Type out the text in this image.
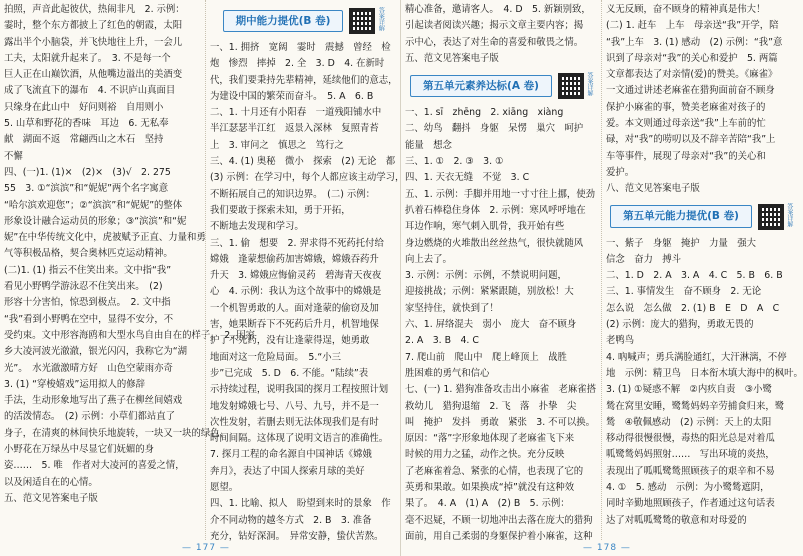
拍照，声音此起彼伏，热闹非凡　2. 示例：
霎时，整个东方都披上了红色的朝霞，太阳
露出半个小脑袋，并飞快地往上升，一会儿
工夫，太阳就升起来了。　3. 不是每一个
巨人正在山巅饮酒，从他嘴边溢出的美酒变
成了飞流直下的瀑布　4. 不识庐山真面目
只缘身在此山中　好问则裕　自用则小
5. 山草和野花的香味　耳边　6. 无私奉
献　湖面不返　常翩西山之木石　坚持
不懈
四、(一)1. (1)×　(2)×　(3)√　2. 275
55　3. ①“滨滨”和“妮妮”两个名字寓意
“哈尔滨欢迎您”；②“滨滨”和“妮妮”的整体
形象设计融合运动员的形象；③“滨滨”和“妮
妮”在中华传统文化中，虎被赋予正直、力量和勇
气等积极品格，契合奥林匹克运动精神。
(二)1. (1) 指云不住笑出来。文中指“我”
看见小野鸭学游泳忍不住笑出来。　(2)
形容十分害怕，惊恐到极点。　2. 文中指
“我”看到小野鸭在空中，显得不安分，不
受约束。文中形容海鸥和大型水鸟自由自在的样子。　2. 因家
乡大凌河波光澈澈，银光闪闪，我称它为“湖
光”。　水光澈激晴方好　山色空蒙雨亦奇
3. (1) “穿梭嬉戏”运用拟人的修辞
手法，生动形象地写出了燕子在柳丝间嬉戏
的活泼情态。　(2) 示例：小草们都站直了
身子，在清爽的林间快乐地旋转，一块又一块的绿色，
小野花在万绿丛中尽显它们妩媚的身
姿……　5. 唯　作者对大凌河的喜爱之情，
以及闲适自在的心情。
五、范文见答案电子版
期中能力提优(B 卷)	答案详解
一、1. 拥挤　宽阔　霎时　震撼　曾经　检
炮　惨烈　摔掉　2. 全　3. D　4. 在新时
代，我们要秉持先辈精神，延续他们的意志，
为建设中国的繁荣而奋斗。　5. A　6. B
二、1. 十月还有小阳春　一道残阳铺水中
半江瑟瑟半江红　返景入深林　复照青苔
上　3. 审问之　慎思之　笃行之
三、4. (1) 奥秘　微小　探索　(2) 无论　都
(3) 示例：在学习中，每个人都应该主动学习，
不断拓展自己的知识边界。　(二) 示例：
我们要敢于探索未知，勇于开拓，
不断地去发现和学习。
三、1. 偷　想要　2. 羿求得不死药托付给
嫦娥　逢蒙想偷药加害嫦娥，嫦娥吞药升
升天　3. 嫦娥应悔偷灵药　碧海青天夜夜
心　4. 示例：我认为这个故事中的嫦娥是
一个机智勇敢的人。面对逢蒙的偷窃及加
害，她果断吞下不死药后升月，机智地保
护了不死药，没有让逢蒙得逞，她勇敢
地面对这一危险局面。　5.“小三
步”已完成　5. D　6. 不能。“陆续”表
示持续过程，说明我国的探月工程按照计划
地发射嫦娥七号、八号、九号，并不是一
次性发射，若删去则无法体现我们是有时
时间间隔。这体现了说明文语言的准确性。
7. 探月工程的命名源自中国神话《嫦娥
奔月》，表达了中国人探索月球的美好
愿望。
四、1. 比喻、拟人　盼望到来时的景象　作
介不同动物的越冬方式　2. B　3. 准备
充分，钻好深洞。　异常安静，蛰伏苦熬。
— 177 —
精心准备，邀请客人。　4. D　5. 新颖别致，
引起读者阅读兴趣；揭示文章主要内容；揭
示中心，表达了对生命的喜爱和敬畏之情。
五、范文见答案电子版
第五单元素养达标(A 卷)	答案详解
一、1. sī　zhēng　2. xiāng　xiàng
二、幼鸟　翻抖　身躯　呆愣　巢穴　呵护
能量　想念
三、1. ①　2. ③　3. ①
四、1. 天衣无缝　不觉　3. C
五、1. 示例：手脚并用地一寸寸往上挪，使劲
扒着石棒稳住身体　2. 示例：寒风呼呼地在
耳边作响，寒气刺入肌骨，我开始有些
身边燃烧的火堆散出丝丝热气，很快就随风
向上去了。
3. 示例：示例：示例，不禁说明问题，
迎接挑战；示例：紧紧跟随，别放松！大
家坚持住，就快到了！
六、1. 屏络混夫　弱小　庞大　奋不顾身
2. A　3. B　4. C
7. 爬山前　爬山中　爬上峰顶上　战胜
胜困难的勇气和信心
七、(一) 1. 猎狗准备攻击出小麻雀　老麻雀搭
救幼儿　猎狗退缩　2. 飞　落　扑挚　尖
叫　掩护　发抖　勇敢　紧张　3. 不可以换。
原因：“落”字形象地体现了老麻雀飞下来
时候的用力之猛，动作之快。充分反映
了老麻雀着急、紧张的心情，也表现了它的
英勇和果敢。如果换成“掉”就没有这种效
果了。　4. A　(1) A　(2) B　5. 示例：
毫不迟疑，不顾一切地冲出去落在庞大的猎狗
面前，用自己柔弱的身躯保护着小麻雀，这种
义无反顾，奋不顾身的精神真是伟大！
(二) 1. 赶车　上车　母亲送“我”开学，陪
“我”上车　3. (1) 感动　(2) 示例：“我”意
识到了母亲对“我”的关心和爱护　5. 两篇
文章都表达了对亲情(爱)的赞美。《麻雀》
一文通过讲述老麻雀在猎狗面前奋不顾身
保护小麻雀的事，赞美老麻雀对孩子的
爱。本文则通过母亲送“我”上车前的忙
碌，对“我”的唠叨以及不辞辛苦陪“我”上
车等事件，展现了母亲对“我”的关心和
爱护。
八、范文见答案电子版
第五单元能力提优(B 卷)	答案详解
一、紫子　身躯　掩护　力量　强大
信念　奋力　搏斗
二、1. D　2. A　3. A　4. C　5. B　6. B
三、1. 事情发生　奋不顾身　2. 无论
怎么说　怎么做　2. (1) B　E　D　A　C
(2) 示例：庞大的猎狗，勇敢无畏的
老鸭鸟
4. 吶喊声；勇兵满脸通红，大汗淋漓，不停
地　示例：精卫鸟　日本衔木填大海中的枫叶。
3. (1) ①疑惑不解　②内疚自责　③小鹭
鸶在窝里安睡，鹭鸶妈妈辛劳捕食归来，鹭
鸶　④敬佩感动　(2) 示例：天上的太阳
移动得很慢很慢，毒热的阳光总是对着瓜
呱鹭鸶妈妈照射……　写出环境的炎热，
表现出了呱呱鹭鸶照顾孩子的艰辛和不易
4. ①　5. 感动　示例：为小鹭鸶遮阴，
同时辛勤地照顾孩子，作者通过这句话表
达了对呱呱鹭鸶的敬意和对母爱的
— 178 —
